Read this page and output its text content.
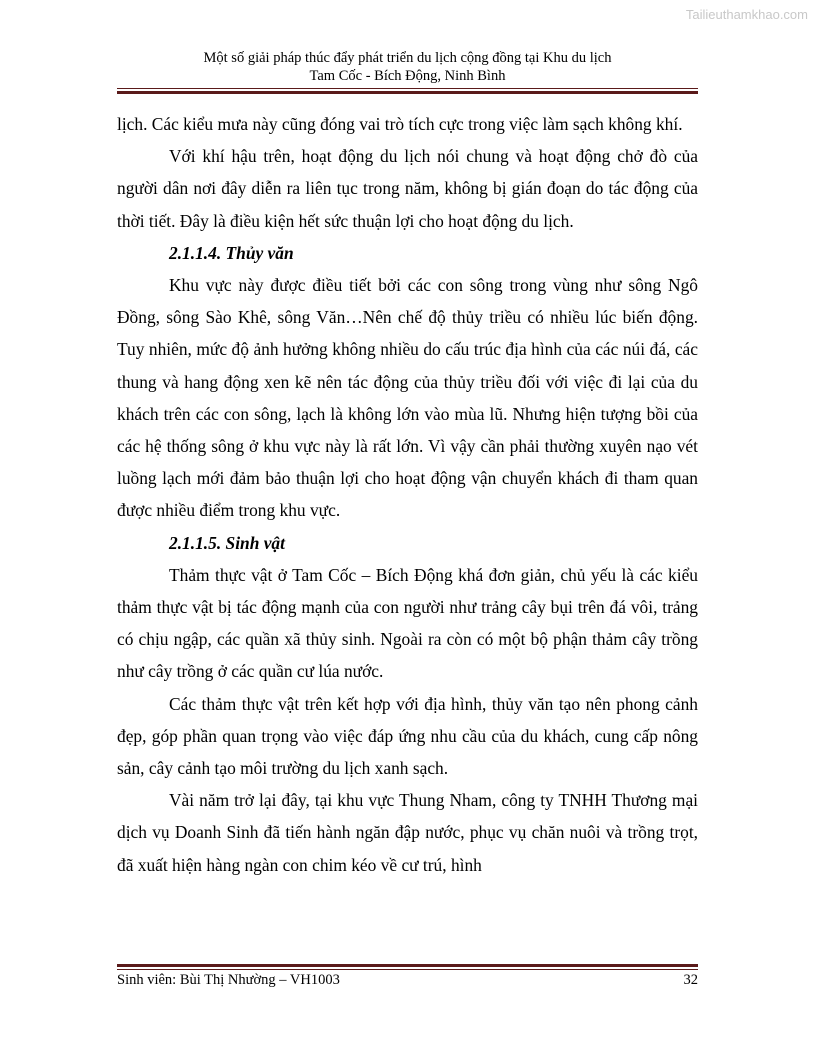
Tailieuthamkhao.com
Một số giải pháp thúc đẩy phát triển du lịch cộng đồng tại Khu du lịch
Tam Cốc - Bích Động, Ninh Bình

lịch. Các kiểu mưa này cũng đóng vai trò tích cực trong việc làm sạch không khí.

Với khí hậu trên, hoạt động du lịch nói chung và hoạt động chở đò của người dân nơi đây diễn ra liên tục trong năm, không bị gián đoạn do tác động của thời tiết. Đây là điều kiện hết sức thuận lợi cho hoạt động du lịch.

2.1.1.4. Thủy văn

Khu vực này được điều tiết bởi các con sông trong vùng như sông Ngô Đồng, sông Sào Khê, sông Văn…Nên chế độ thủy triều có nhiều lúc biến động. Tuy nhiên, mức độ ảnh hưởng không nhiều do cấu trúc địa hình của các núi đá, các thung và hang động xen kẽ nên tác động của thủy triều đối với việc đi lại của du khách trên các con sông, lạch là không lớn vào mùa lũ. Nhưng hiện tượng bồi của các hệ thống sông ở khu vực này là rất lớn. Vì vậy cần phải thường xuyên nạo vét luồng lạch mới đảm bảo thuận lợi cho hoạt động vận chuyển khách đi tham quan được nhiều điểm trong khu vực.

2.1.1.5. Sinh vật

Thảm thực vật ở Tam Cốc – Bích Động khá đơn giản, chủ yếu là các kiểu thảm thực vật bị tác động mạnh của con người như trảng cây bụi trên đá vôi, trảng có chịu ngập, các quần xã thủy sinh. Ngoài ra còn có một bộ phận thảm cây trồng như cây trồng ở các quần cư lúa nước.

Các thảm thực vật trên kết hợp với địa hình, thủy văn tạo nên phong cảnh đẹp, góp phần quan trọng vào việc đáp ứng nhu cầu của du khách, cung cấp nông sản, cây cảnh tạo môi trường du lịch xanh sạch.

Vài năm trở lại đây, tại khu vực Thung Nham, công ty TNHH Thương mại dịch vụ Doanh Sinh đã tiến hành ngăn đập nước, phục vụ chăn nuôi và trồng trọt, đã xuất hiện hàng ngàn con chim kéo về cư trú, hình

Sinh viên: Bùi Thị Nhường – VH1003	32
